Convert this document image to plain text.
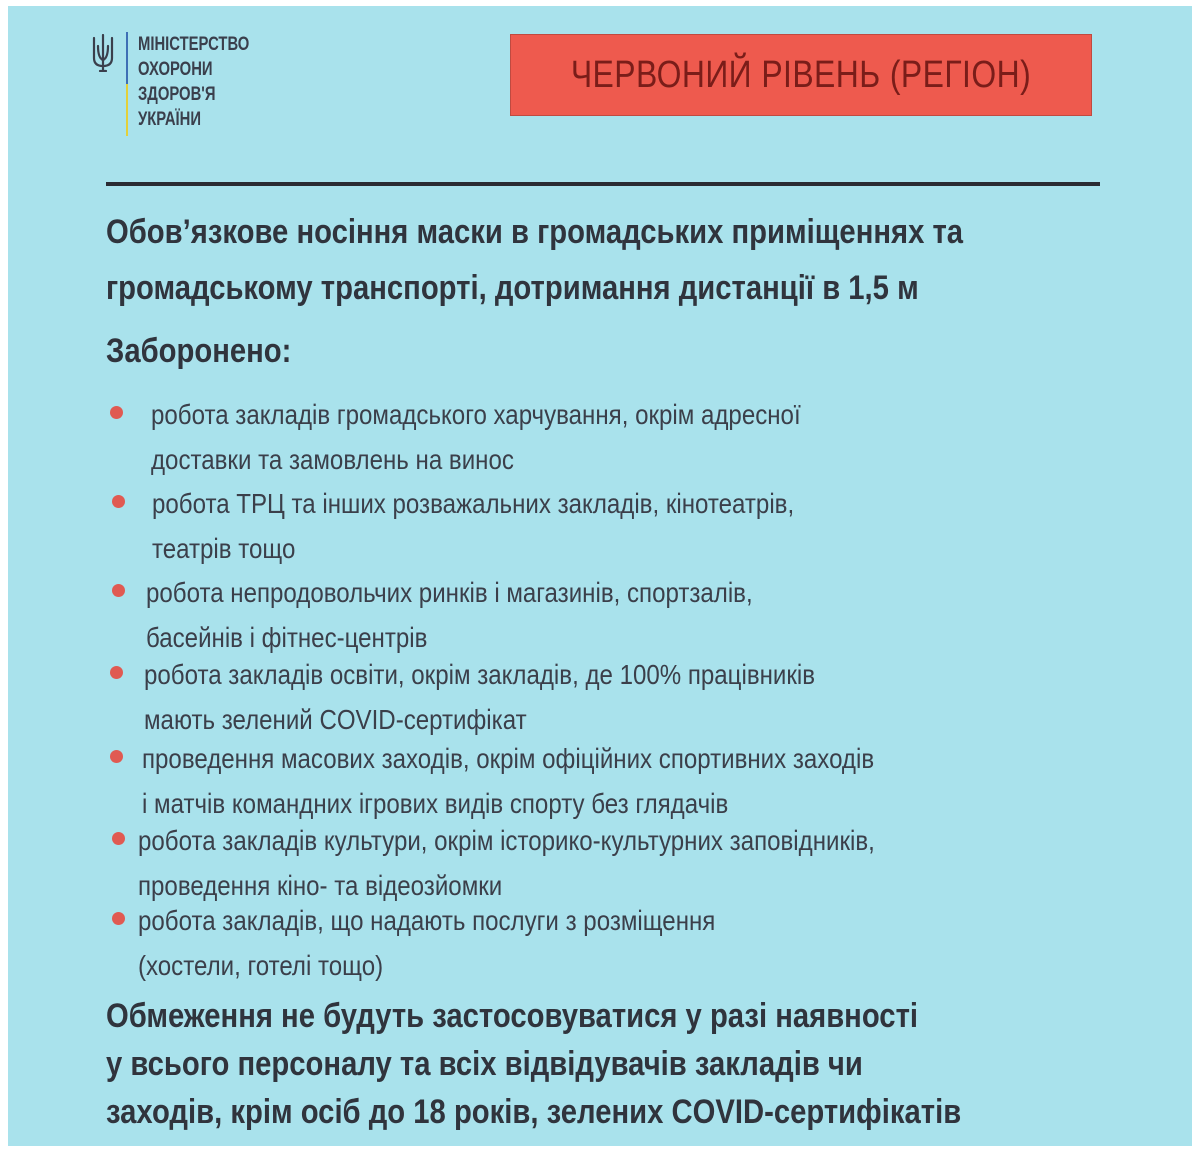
МІНІСТЕРСТВО
ОХОРОНИ
ЗДОРОВ'Я
УКРАЇНИ
ЧЕРВОНИЙ РІВЕНЬ (РЕГІОН)
Обов’язкове носіння маски в громадських приміщеннях та
громадському транспорті, дотримання дистанції в 1,5 м
Заборонено:
робота закладів громадського харчування, окрім адресної
доставки та замовлень на винос
робота ТРЦ та інших розважальних закладів, кінотеатрів,
театрів тощо
робота непродовольчих ринків і магазинів, спортзалів,
басейнів і фітнес-центрів
робота закладів освіти, окрім закладів, де 100% працівників
мають зелений COVID-сертифікат
проведення масових заходів, окрім офіційних спортивних заходів
і матчів командних ігрових видів спорту без глядачів
робота закладів культури, окрім історико-культурних заповідників,
проведення кіно- та відеозйомки
робота закладів, що надають послуги з розміщення
(хостели, готелі тощо)
Обмеження не будуть застосовуватися у разі наявності
у всього персоналу та всіх відвідувачів закладів чи
заходів, крім осіб до 18 років, зелених COVID-сертифікатів
